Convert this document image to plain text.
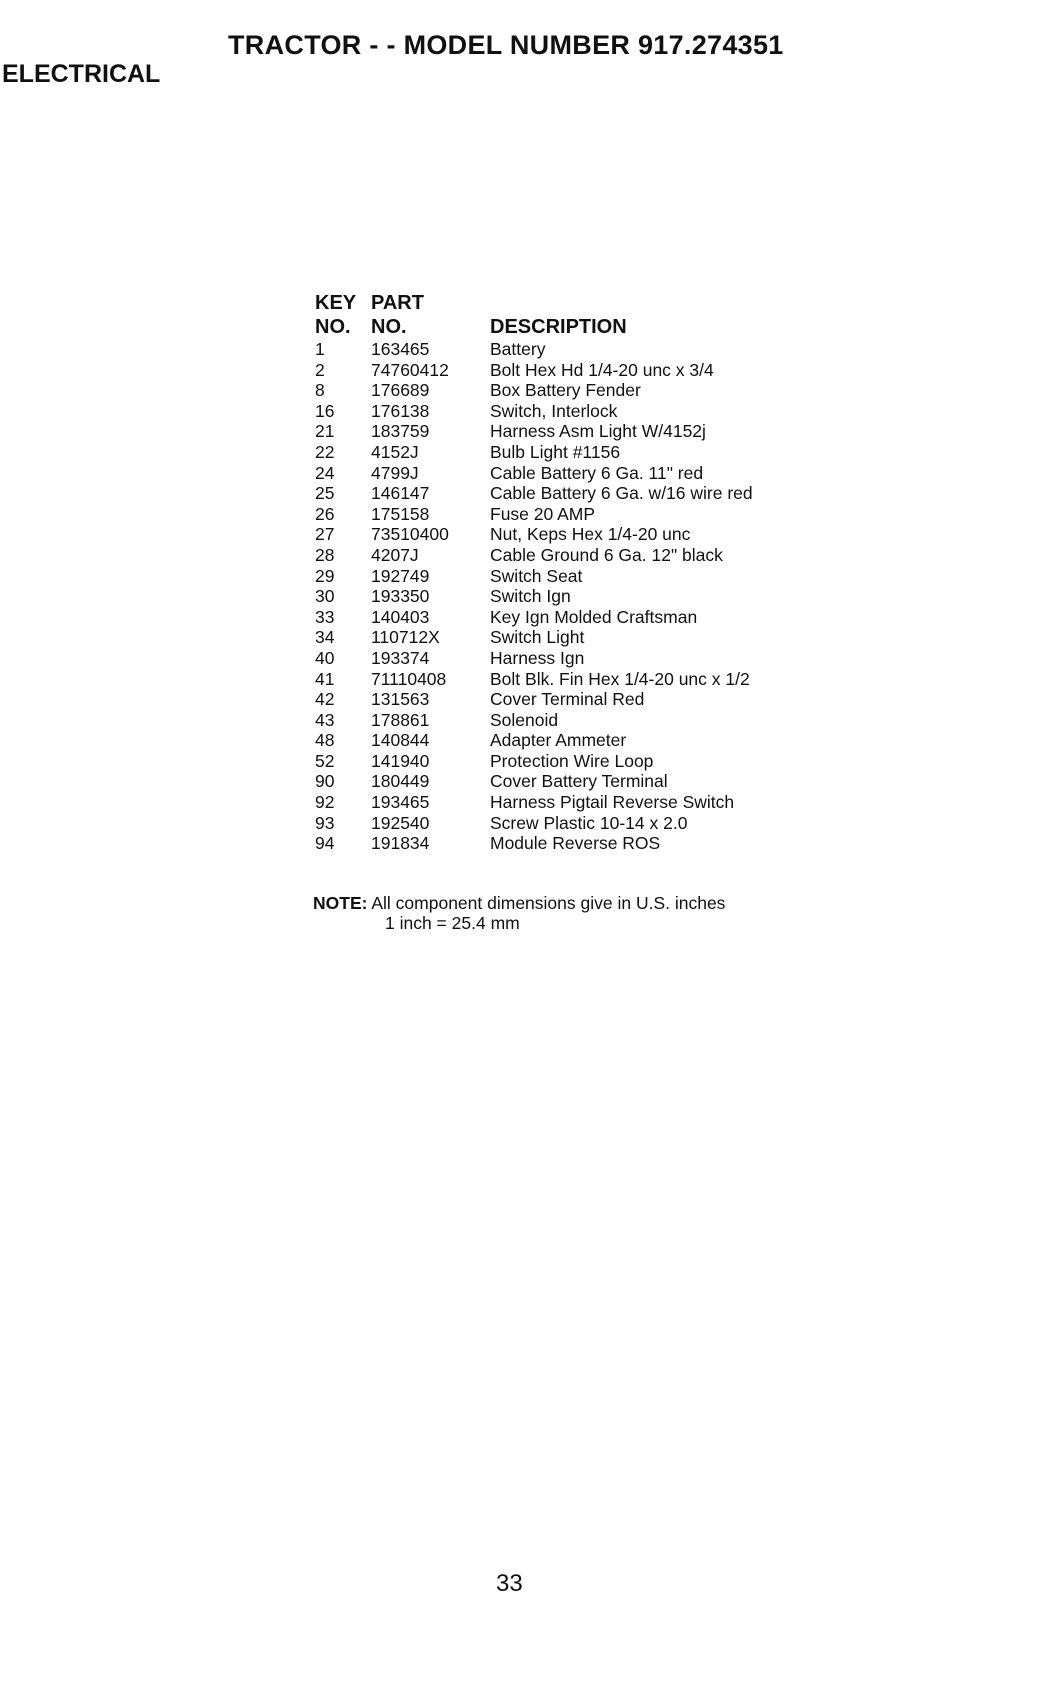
TRACTOR - - MODEL NUMBER 917.274351
ELECTRICAL
KEY PART
NO. NO.	DESCRIPTION
1	163465	Battery
2	74760412 Bolt Hex Hd 1/4-20 unc x 3/4
8	176689	Box Battery Fender
16 176138	Switch, Interlock
21 183759	Harness Asm Light W/4152j
22 4152J	Bulb Light #1156
24 4799J	Cable Battery 6 Ga. 11" red
25 146147	Cable Battery 6 Ga. w/16 wire red
26 175158	Fuse 20 AMP
27 73510400 Nut, Keps Hex 1/4-20 unc
28 4207J	Cable Ground 6 Ga. 12" black
29 192749	Switch Seat
30 193350	Switch Ign
33 140403	Key Ign Molded Craftsman
34 110712X	Switch Light
40 193374	Harness Ign
41 71110408 Bolt Blk. Fin Hex 1/4-20 unc x 1/2
42 131563	Cover Terminal Red
43 178861	Solenoid
48 140844	Adapter Ammeter
52 141940	Protection Wire Loop
90 180449	Cover Battery Terminal
92 193465	Harness Pigtail Reverse Switch
93 192540	Screw Plastic 10-14 x 2.0
94 191834	Module Reverse ROS
NOTE: All component dimensions give in U.S. inches
1 inch = 25.4 mm
33
